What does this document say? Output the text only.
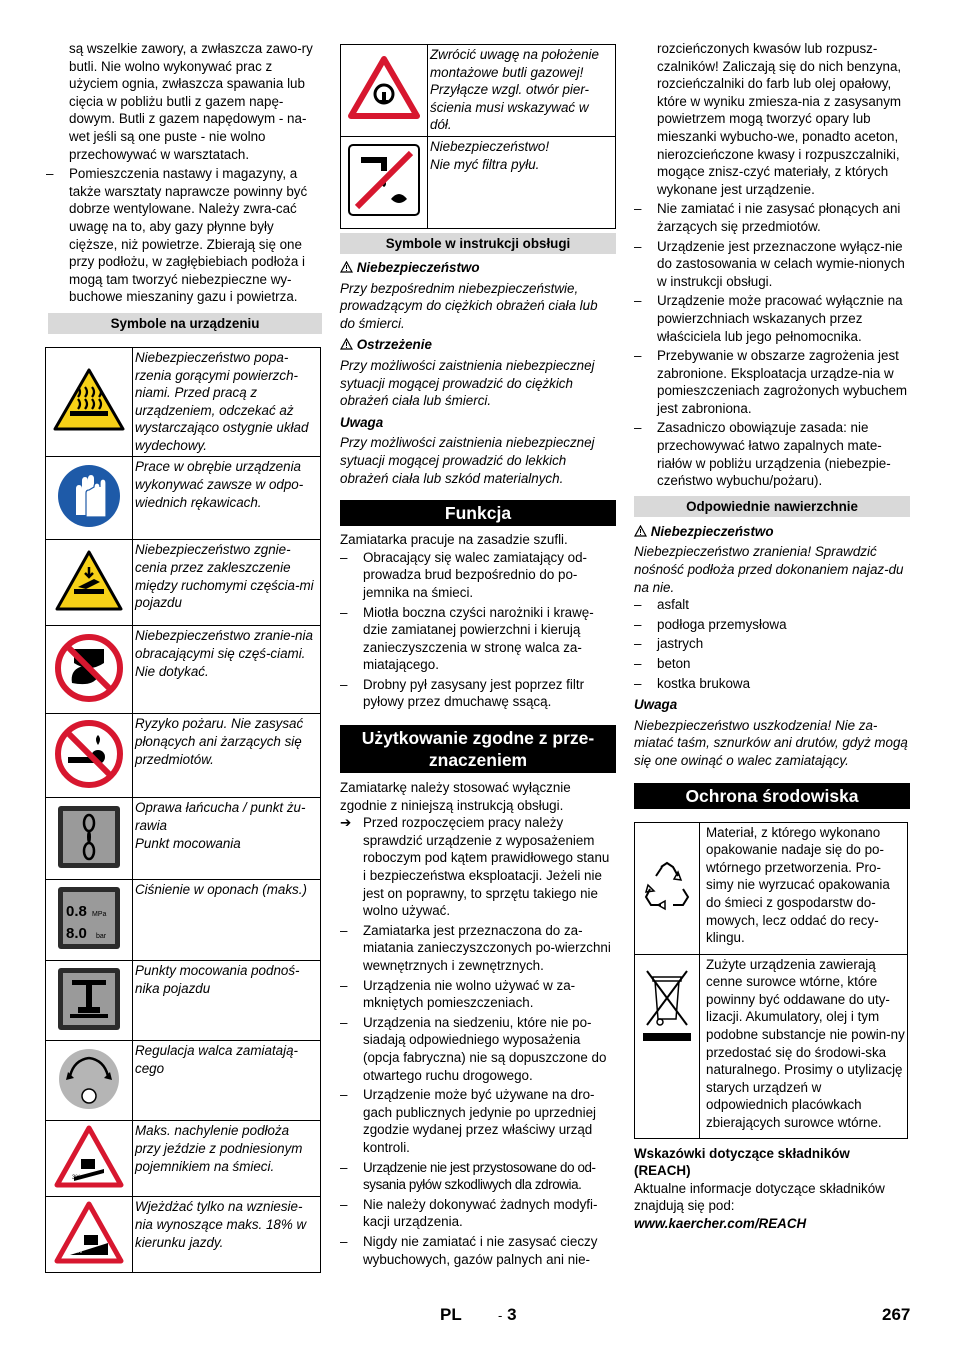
są wszelkie zawory, a zwłaszcza zawo-ry butli. Nie wolno wykonywać prac z użyciem ognia, zwłaszcza spawania lub cięcia w pobliżu butli z gazem napę-dowym. Butli z gazem napędowym - na-wet jeśli są one puste - nie wolno przechowywać w warsztatach.

– Pomieszczenia nastawy i magazyny, a także warsztaty naprawcze powinny być dobrze wentylowane. Należy zwra-cać uwagę na to, aby gazy płynne były cięższe, niż powietrze. Zbierają się one przy podłożu, w zagłębiebiach podłoża i mogą tam tworzyć niebezpieczne wy-buchowe mieszaniny gazu i powietrza.
Symbole na urządzeniu
	Niebezpieczeństwo popa-rzenia gorącymi powierzch-niami. Przed pracą z urządzeniem, odczekać aż wystarczająco ostygnie układ wydechowy.
	Prace w obrębie urządzenia wykonywać zawsze w odpo-wiednich rękawicach.
	Niebezpieczeństwo zgnie-cenia przez zakleszczenie między ruchomymi częścia-mi pojazdu
	Niebezpieczeństwo zranie-nia obracającymi się częś-ciami. Nie dotykać.
	Ryzyko pożaru. Nie zasysać płonących ani żarzących się przedmiotów.
	Oprawa łańcucha / punkt żu-rawia
Punkt mocowania

0.8 MPa
8.0 bar	Ciśnienie w oponach (maks.)
	Punkty mocowania podnoś-nika pojazdu
	Regulacja walca zamiatają-cego

3%	Maks. nachylenie podłoża przy jeździe z podniesionym pojemnikiem na śmieci.

18%	Wjeżdżać tylko na wzniesie-nia wynoszące maks. 18% w kierunku jazdy.
	Zwrócić uwagę na położenie montażowe butli gazowej! Przyłącze wzgl. otwór pier-ścienia musi wskazywać w dół.
	Niebezpieczeństwo!
Nie myć filtra pyłu.
Symbole w instrukcji obsługi
Niebezpieczeństwo

Przy bezpośrednim niebezpieczeństwie, prowadzącym do ciężkich obrażeń ciała lub do śmierci.

Ostrzeżenie

Przy możliwości zaistnienia niebezpiecznej sytuacji mogącej prowadzić do ciężkich obrażeń ciała lub śmierci.

Uwaga

Przy możliwości zaistnienia niebezpiecznej sytuacji mogącej prowadzić do lekkich obrażeń ciała lub szkód materialnych.

Funkcja

Zamiatarka pracuje na zasadzie szufli.

– Obracający się walec zamiatający od-prowadza brud bezpośrednio do po-jemnika na śmieci.
– Miotła boczna czyści narożniki i krawę-dzie zamiatanej powierzchni i kierują zanieczyszczenia w stronę walca za-miatającego.
– Drobny pył zasysany jest poprzez filtr pyłowy przez dmuchawę ssącą.
Użytkowanie zgodne z prze-znaczeniem

Zamiatarkę należy stosować wyłącznie zgodnie z niniejszą instrukcją obsługi.

➔ Przed rozpoczęciem pracy należy sprawdzić urządzenie z wyposażeniem roboczym pod kątem prawidłowego stanu i bezpieczeństwa eksploatacji. Jeżeli nie jest on poprawny, to sprzętu takiego nie wolno używać.
– Zamiatarka jest przeznaczona do za-miatania zanieczyszczonych po-wierzchni wewnętrznych i zewnętrznych.
– Urządzenia nie wolno używać w za-mkniętych pomieszczeniach.
– Urządzenia na siedzeniu, które nie po-siadają odpowiedniego wyposażenia (opcja fabryczna) nie są dopuszczone do otwartego ruchu drogowego.
– Urządzenie może być używane na dro-gach publicznych jedynie po uprzedniej zgodzie wydanej przez właściwy urząd kontroli.
– Urządzenie nie jest przystosowane do od-sysania pyłów szkodliwych dla zdrowia.
– Nie należy dokonywać żadnych modyfi-kacji urządzenia.
– Nigdy nie zamiatać i nie zasysać cieczy wybuchowych, gazów palnych ani nie-

rozcieńczonych kwasów lub rozpusz-czalników! Zaliczają się do nich benzyna, rozcieńczalniki do farb lub olej opałowy, które w wyniku zmiesza-nia z zasysanym powietrzem mogą tworzyć opary lub mieszanki wybucho-we, ponadto aceton, nierozcieńczone kwasy i rozpuszczalniki, mogące znisz-czyć materiały, z których wykonane jest urządzenie.

– Nie zamiatać i nie zasysać płonących ani żarzących się przedmiotów.
– Urządzenie jest przeznaczone wyłącz-nie do zastosowania w celach wymie-nionych w instrukcji obsługi.
– Urządzenie może pracować wyłącznie na powierzchniach wskazanych przez właściciela lub jego pełnomocnika.
– Przebywanie w obszarze zagrożenia jest zabronione. Eksploatacja urządze-nia w pomieszczeniach zagrożonych wybuchem jest zabroniona.
– Zasadniczo obowiązuje zasada: nie przechowywać łatwo zapalnych mate-riałów w pobliżu urządzenia (niebezpie-czeństwo wybuchu/pożaru).
Odpowiednie nawierzchnie
Niebezpieczeństwo

Niebezpieczeństwo zranienia! Sprawdzić nośność podłoża przed dokonaniem najaz-du na nie.

– asfalt
– podłoga przemysłowa
– jastrych
– beton
– kostka brukowa
Uwaga

Niebezpieczeństwo uszkodzenia! Nie za-miatać taśm, sznurków ani drutów, gdyż mogą się one owinąć o walec zamiatający.

Ochrona środowiska
	Materiał, z którego wykonano opakowanie nadaje się do po-wtórnego przetworzenia. Pro-simy nie wyrzucać opakowania do śmieci z gospodarstw do-mowych, lecz oddać do recy-klingu.
	Zużyte urządzenia zawierają cenne surowce wtórne, które powinny być oddawane do uty-lizacji. Akumulatory, olej i tym podobne substancje nie powin-ny przedostać się do środowi-ska naturalnego. Prosimy o utylizację starych urządzeń w odpowiednich placówkach zbierających surowce wtórne.

Wskazówki dotyczące składników (REACH)

Aktualne informacje dotyczące składników znajdują się pod:

www.kaercher.com/REACH

PL	- 3	267
